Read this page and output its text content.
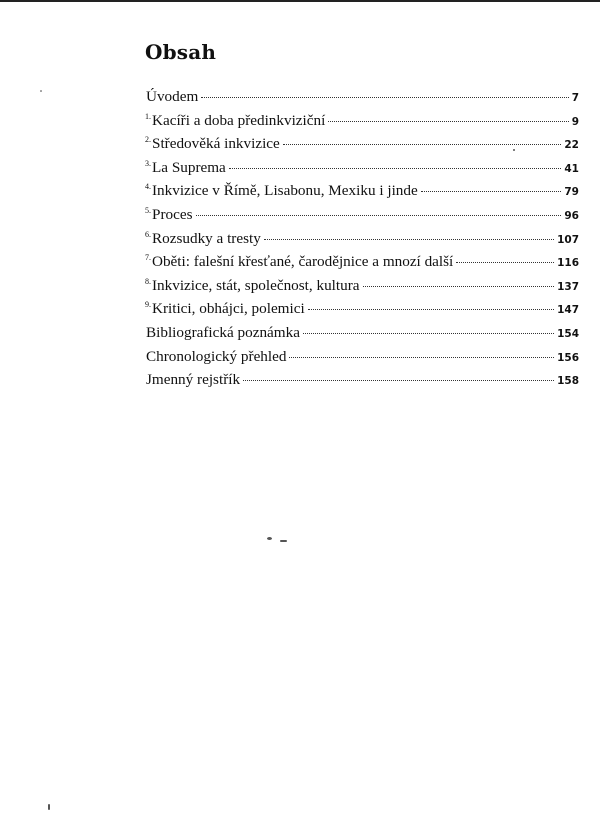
Obsah
Úvodem	7
$^{1.}$Kacíři a doba předinkviziční	9
$^{2.}$Středověká inkvizice	22
$^{3.}$La Suprema	41
$^{4.}$Inkvizice v Římě, Lisabonu, Mexiku i jinde	79
$^{5.}$Proces	96
$^{6.}$Rozsudky a tresty	107
$^{7.}$Oběti: falešní křesťané, čarodějnice a mnozí další	116
$^{8.}$Inkvizice, stát, společnost, kultura	137
$^{9.}$Kritici, obhájci, polemici	147
Bibliografická poznámka	154
Chronologický přehled	156
Jmenný rejstřík	158
